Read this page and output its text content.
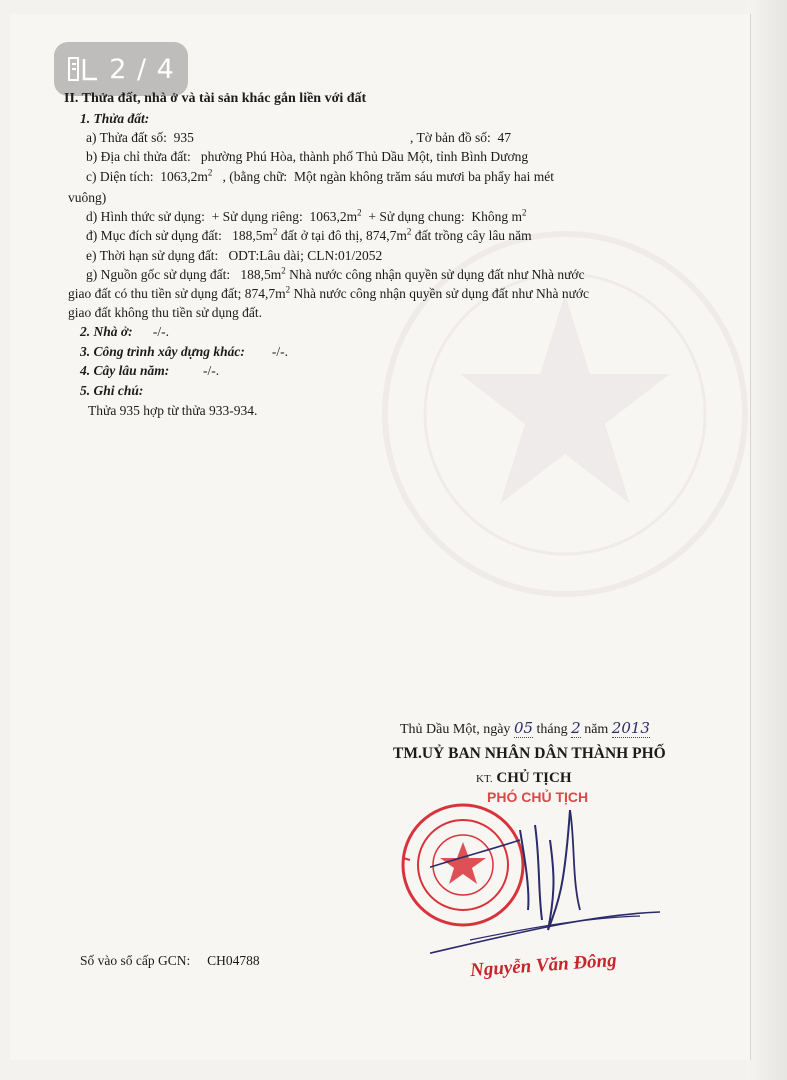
2 / 4
II. Thửa đất, nhà ở và tài sản khác gắn liền với đất
1. Thửa đất:
a) Thửa đất số: 935	, Tờ bản đồ số: 47
b) Địa chỉ thửa đất: phường Phú Hòa, thành phố Thủ Dầu Một, tỉnh Bình Dương
c) Diện tích: $1063,2m^2$ , (bằng chữ: Một ngàn không trăm sáu mươi ba phẩy hai mét
vuông)
d) Hình thức sử dụng: + Sử dụng riêng: $1063,2m^2$ + Sử dụng chung: Không $m^2$
đ) Mục đích sử dụng đất: $188,5m^2$ đất ở tại đô thị, $874,7m^2$ đất trồng cây lâu năm
e) Thời hạn sử dụng đất: ODT:Lâu dài; CLN:01/2052
g) Nguồn gốc sử dụng đất: $188,5m^2$ Nhà nước công nhận quyền sử dụng đất như Nhà nước
giao đất có thu tiền sử dụng đất; $874,7m^2$ Nhà nước công nhận quyền sử dụng đất như Nhà nước
giao đất không thu tiền sử dụng đất.
2. Nhà ở: -/-.
3. Công trình xây dựng khác: -/-.
4. Cây lâu năm:	-/-.
5. Ghi chú:
Thửa 935 hợp từ thửa 933-934.
Thủ Dầu Một, ngày 05 tháng 2 năm 2013
TM.UỶ BAN NHÂN DÂN THÀNH PHỐ
KT. CHỦ TỊCH
PHÓ CHỦ TỊCH
Số vào sổ cấp GCN: CH04788	Nguyễn Văn Đông
